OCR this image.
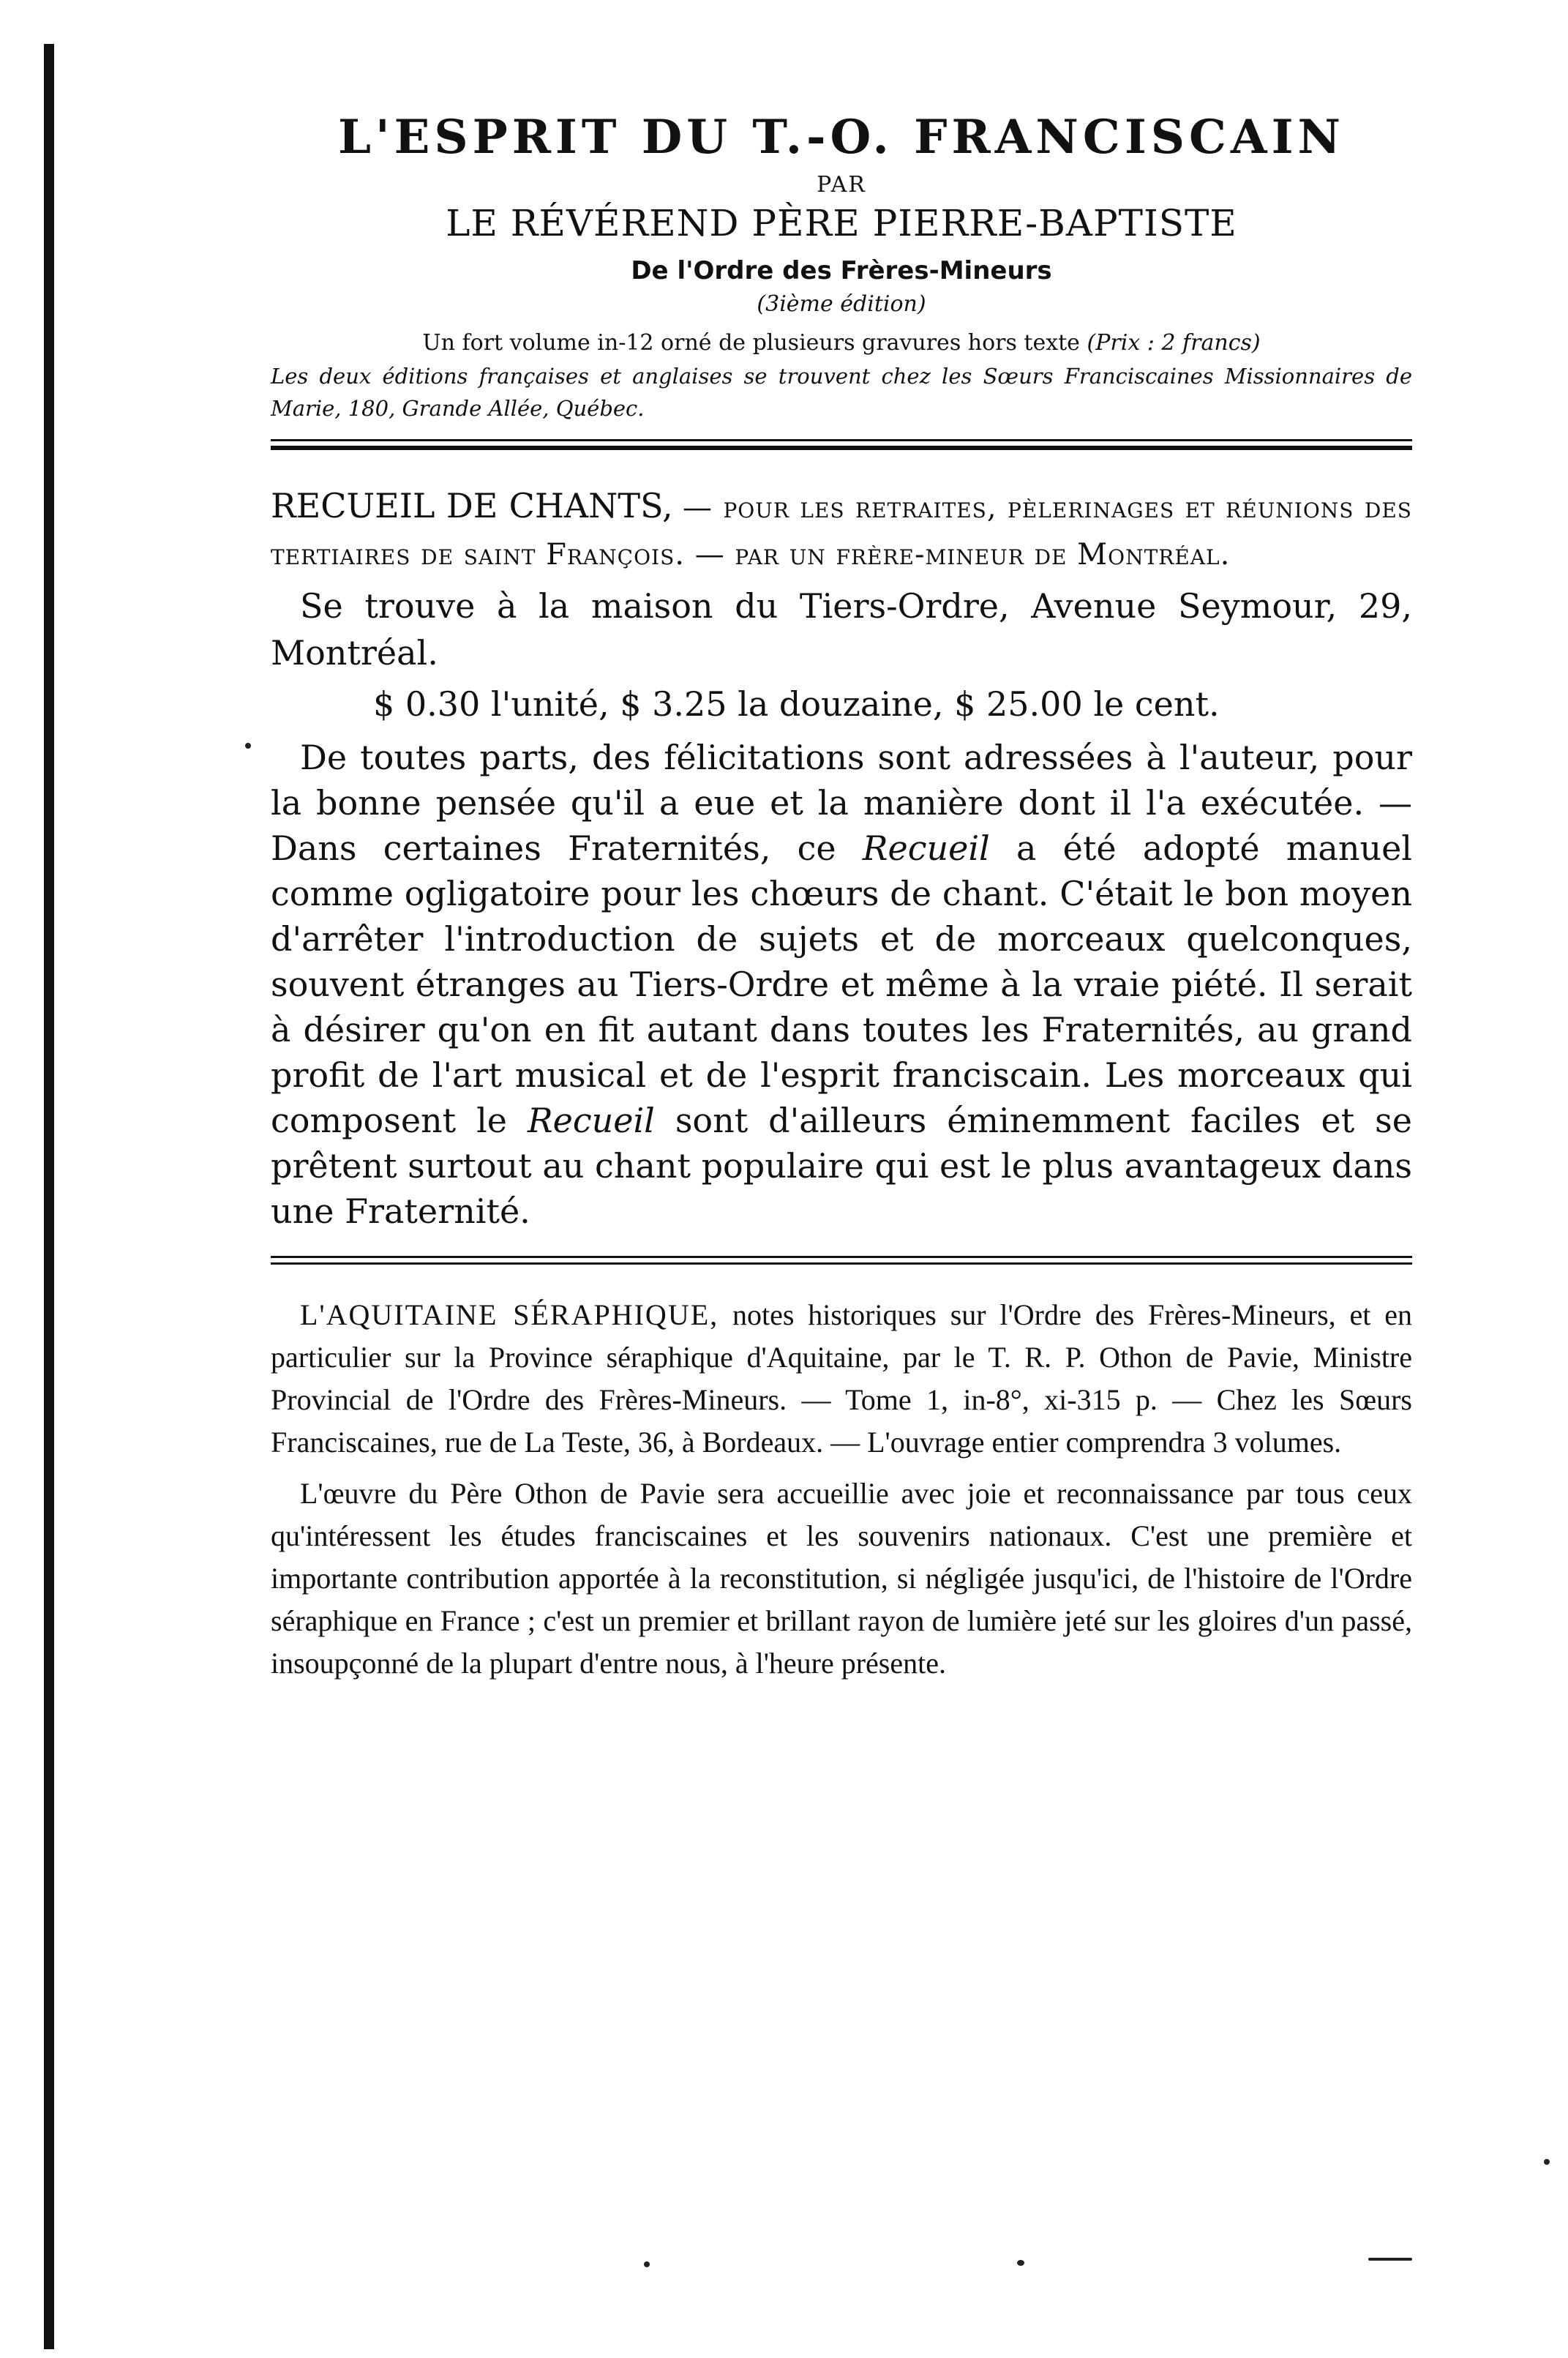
L'ESPRIT DU T.-O. FRANCISCAIN
PAR
LE RÉVÉREND PÈRE PIERRE-BAPTISTE
De l'Ordre des Frères-Mineurs
(3ième édition)
Un fort volume in-12 orné de plusieurs gravures hors texte (Prix : 2 francs)
Les deux éditions françaises et anglaises se trouvent chez les Sœurs Franciscaines Missionnaires de Marie, 180, Grande Allée, Québec.

RECUEIL DE CHANTS, — pour les retraites, pèlerinages et réunions des tertiaires de saint François. — par un frère-mineur de Montréal.

Se trouve à la maison du Tiers-Ordre, Avenue Seymour, 29, Montréal.

$ 0.30 l'unité, $ 3.25 la douzaine, $ 25.00 le cent.

De toutes parts, des félicitations sont adressées à l'auteur, pour la bonne pensée qu'il a eue et la manière dont il l'a exécutée. — Dans certaines Fraternités, ce Recueil a été adopté manuel comme ogligatoire pour les chœurs de chant. C'était le bon moyen d'arrêter l'introduction de sujets et de morceaux quelconques, souvent étranges au Tiers-Ordre et même à la vraie piété. Il serait à désirer qu'on en fit autant dans toutes les Fraternités, au grand profit de l'art musical et de l'esprit franciscain. Les morceaux qui composent le Recueil sont d'ailleurs éminemment faciles et se prêtent surtout au chant populaire qui est le plus avantageux dans une Fraternité.

L'AQUITAINE SÉRAPHIQUE, notes historiques sur l'Ordre des Frères-Mineurs, et en particulier sur la Province séraphique d'Aquitaine, par le T. R. P. Othon de Pavie, Ministre Provincial de l'Ordre des Frères-Mineurs. — Tome 1, in-8°, xi-315 p. — Chez les Sœurs Franciscaines, rue de La Teste, 36, à Bordeaux. — L'ouvrage entier comprendra 3 volumes.

L'œuvre du Père Othon de Pavie sera accueillie avec joie et reconnaissance par tous ceux qu'intéressent les études franciscaines et les souvenirs nationaux. C'est une première et importante contribution apportée à la reconstitution, si négligée jusqu'ici, de l'histoire de l'Ordre séraphique en France ; c'est un premier et brillant rayon de lumière jeté sur les gloires d'un passé, insoupçonné de la plupart d'entre nous, à l'heure présente.
